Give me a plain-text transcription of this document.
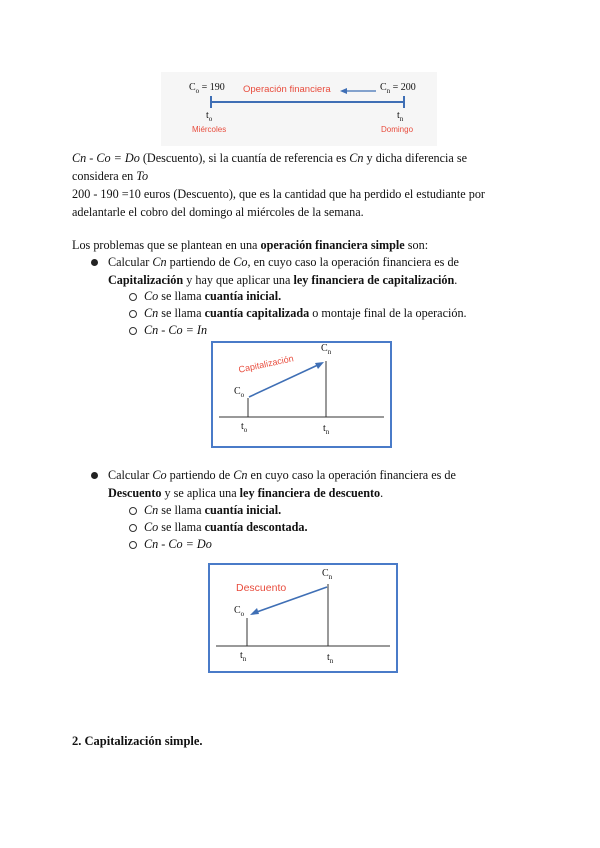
$C_o = 190$ Operación financiera	$C_n = 200$
$t_o$	$t_n$
Miércoles	Domingo
Cn - Co = Do (Descuento), si la cuantía de referencia es Cn y dicha diferencia se
considera en To
200 - 190 =10 euros (Descuento), que es la cantidad que ha perdido el estudiante por
adelantarle el cobro del domingo al miércoles de la semana.
Los problemas que se plantean en una operación financiera simple son:
Calcular Cn partiendo de Co, en cuyo caso la operación financiera es de
Capitalización y hay que aplicar una ley financiera de capitalización.
Co se llama cuantía inicial.
Cn se llama cuantía capitalizada o montaje final de la operación.
Cn - Co = In
Capitalización
$C_o$
$C_n$
$t_o$	$t_n$
Calcular Co partiendo de Cn en cuyo caso la operación financiera es de
Descuento y se aplica una ley financiera de descuento.
Cn se llama cuantía inicial.
Co se llama cuantía descontada.
Cn - Co = Do
Descuento
$C_o$
$C_n$
$t_n$	$t_n$
2. Capitalización simple.
